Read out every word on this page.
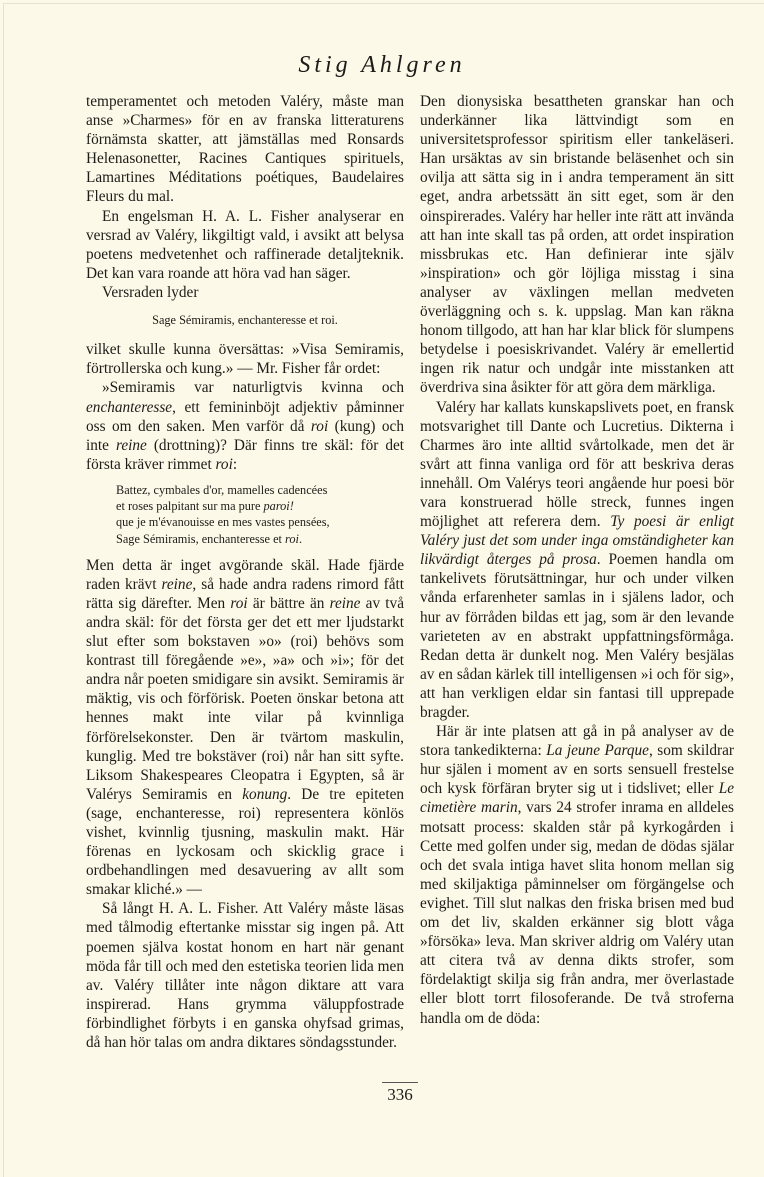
Stig Ahlgren

temperamentet och metoden Valéry, måste man anse »Charmes» för en av franska litteraturens förnämsta skatter, att jämställas med Ronsards Helenasonetter, Racines Cantiques spirituels, Lamartines Méditations poétiques, Baudelaires Fleurs du mal.

En engelsman H. A. L. Fisher analyserar en versrad av Valéry, likgiltigt vald, i avsikt att belysa poetens medvetenhet och raffinerade detaljteknik. Det kan vara roande att höra vad han säger.

Versraden lyder

Sage Sémiramis, enchanteresse et roi.

vilket skulle kunna översättas: »Visa Semiramis, förtrollerska och kung.» — Mr. Fisher får ordet:

»Semiramis var naturligtvis kvinna och enchanteresse, ett femininböjt adjektiv påminner oss om den saken. Men varför då roi (kung) och inte reine (drottning)? Där finns tre skäl: för det första kräver rimmet roi:

Battez, cymbales d'or, mamelles cadencées
et roses palpitant sur ma pure paroi!
que je m'évanouisse en mes vastes pensées,
Sage Sémiramis, enchanteresse et roi.

Men detta är inget avgörande skäl. Hade fjärde raden krävt reine, så hade andra radens rimord fått rätta sig därefter. Men roi är bättre än reine av två andra skäl: för det första ger det ett mer ljudstarkt slut efter som bokstaven »o» (roi) behövs som kontrast till föregående »e», »a» och »i»; för det andra når poeten smidigare sin avsikt. Semiramis är mäktig, vis och förförisk. Poeten önskar betona att hennes makt inte vilar på kvinnliga förförelsekonster. Den är tvärtom maskulin, kunglig. Med tre bokstäver (roi) når han sitt syfte. Liksom Shakespeares Cleopatra i Egypten, så är Valérys Semiramis en konung. De tre epiteten (sage, enchanteresse, roi) representera könlös vishet, kvinnlig tjusning, maskulin makt. Här förenas en lyckosam och skicklig grace i ordbehandlingen med desavuering av allt som smakar kliché.» —

Så långt H. A. L. Fisher. Att Valéry måste läsas med tålmodig eftertanke misstar sig ingen på. Att poemen själva kostat honom en hart när genant möda får till och med den estetiska teorien lida men av. Valéry tillåter inte någon diktare att vara inspirerad. Hans grymma väluppfostrade förbindlighet förbyts i en ganska ohyfsad grimas, då han hör talas om andra diktares söndagsstunder.

Den dionysiska besattheten granskar han och underkänner lika lättvindigt som en universitetsprofessor spiritism eller tankeläseri. Han ursäktas av sin bristande beläsenhet och sin ovilja att sätta sig in i andra temperament än sitt eget, andra arbetssätt än sitt eget, som är den oinspirerades. Valéry har heller inte rätt att invända att han inte skall tas på orden, att ordet inspiration missbrukas etc. Han definierar inte själv »inspiration» och gör löjliga misstag i sina analyser av växlingen mellan medveten överläggning och s. k. uppslag. Man kan räkna honom tillgodo, att han har klar blick för slumpens betydelse i poesiskrivandet. Valéry är emellertid ingen rik natur och undgår inte misstanken att överdriva sina åsikter för att göra dem märkliga.

Valéry har kallats kunskapslivets poet, en fransk motsvarighet till Dante och Lucretius. Dikterna i Charmes äro inte alltid svårtolkade, men det är svårt att finna vanliga ord för att beskriva deras innehåll. Om Valérys teori angående hur poesi bör vara konstruerad hölle streck, funnes ingen möjlighet att referera dem. Ty poesi är enligt Valéry just det som under inga omständigheter kan likvärdigt återges på prosa. Poemen handla om tankelivets förutsättningar, hur och under vilken vånda erfarenheter samlas in i själens lador, och hur av förråden bildas ett jag, som är den levande varieteten av en abstrakt uppfattningsförmåga. Redan detta är dunkelt nog. Men Valéry besjälas av en sådan kärlek till intelligensen »i och för sig», att han verkligen eldar sin fantasi till upprepade bragder.

Här är inte platsen att gå in på analyser av de stora tankedikterna: La jeune Parque, som skildrar hur själen i moment av en sorts sensuell frestelse och kysk förfäran bryter sig ut i tidslivet; eller Le cimetière marin, vars 24 strofer inrama en alldeles motsatt process: skalden står på kyrkogården i Cette med golfen under sig, medan de dödas själar och det svala intiga havet slita honom mellan sig med skiljaktiga påminnelser om förgängelse och evighet. Till slut nalkas den friska brisen med bud om det liv, skalden erkänner sig blott våga »försöka» leva. Man skriver aldrig om Valéry utan att citera två av denna dikts strofer, som fördelaktigt skilja sig från andra, mer överlastade eller blott torrt filosoferande. De två stroferna handla om de döda:

336
